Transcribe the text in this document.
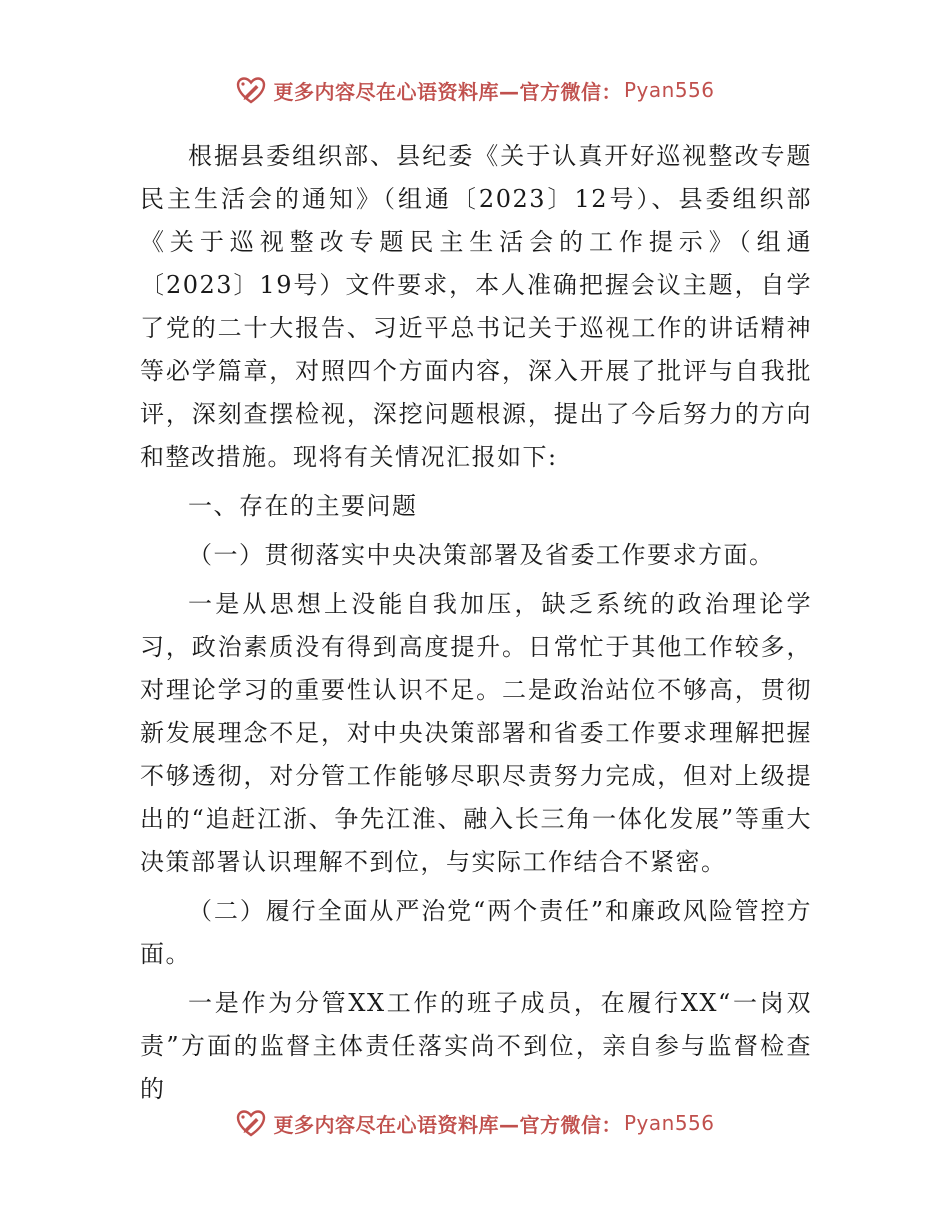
更多内容尽在心语资料库—官方微信： Pyan556

根据县委组织部、县纪委《关于认真开好巡视整改专题民主生活会的通知》（组通〔2023〕12号）、县委组织部《关于巡视整改专题民主生活会的工作提示》（组通〔2023〕19号）文件要求，本人准确把握会议主题，自学了党的二十大报告、习近平总书记关于巡视工作的讲话精神等必学篇章，对照四个方面内容，深入开展了批评与自我批评，深刻查摆检视，深挖问题根源，提出了今后努力的方向和整改措施。现将有关情况汇报如下:

一、存在的主要问题

（一）贯彻落实中央决策部署及省委工作要求方面。

一是从思想上没能自我加压，缺乏系统的政治理论学习，政治素质没有得到高度提升。日常忙于其他工作较多，对理论学习的重要性认识不足。二是政治站位不够高，贯彻新发展理念不足，对中央决策部署和省委工作要求理解把握不够透彻，对分管工作能够尽职尽责努力完成，但对上级提出的“追赶江浙、争先江淮、融入长三角一体化发展”等重大决策部署认识理解不到位，与实际工作结合不紧密。

（二）履行全面从严治党“两个责任”和廉政风险管控方面。

一是作为分管XX工作的班子成员，在履行XX“一岗双责”方面的监督主体责任落实尚不到位，亲自参与监督检查的

更多内容尽在心语资料库—官方微信： Pyan556
